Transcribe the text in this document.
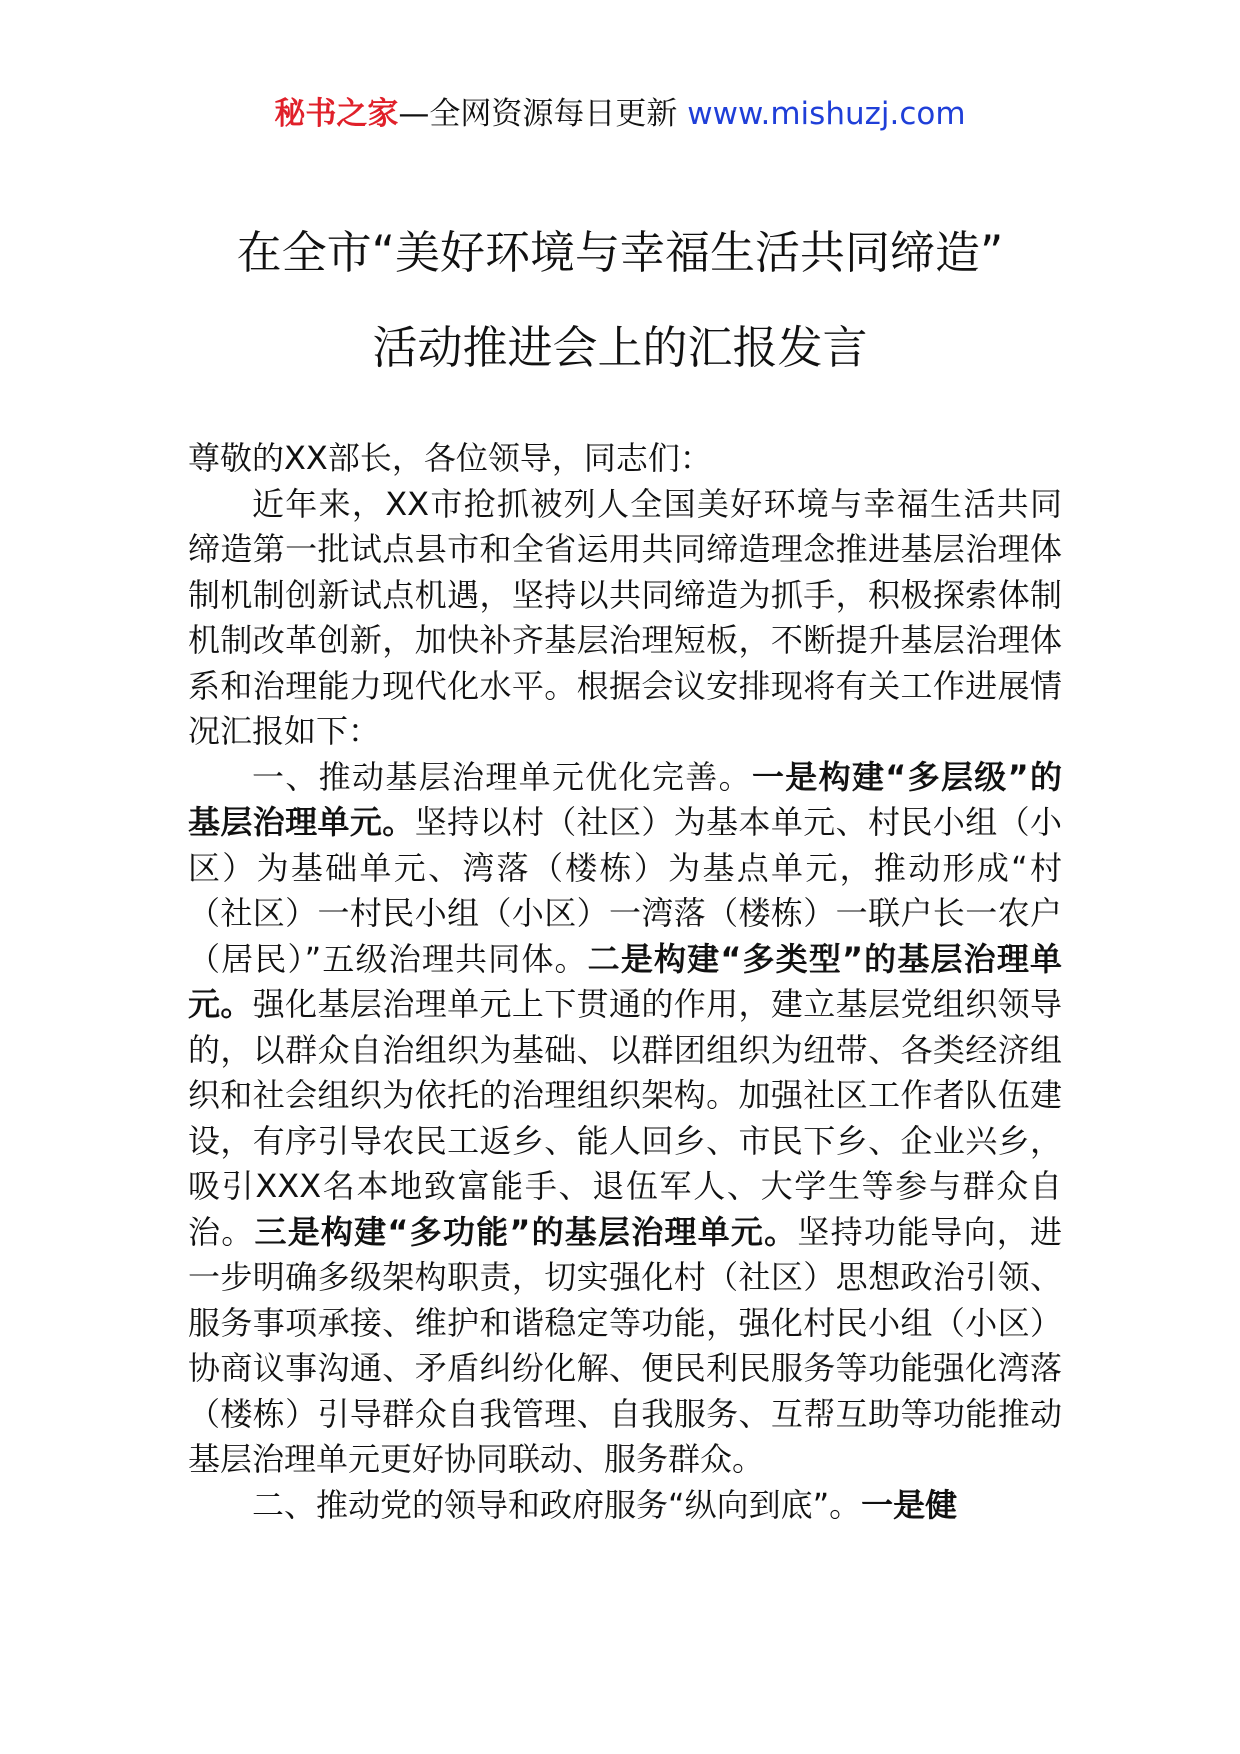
秘书之家—全网资源每日更新 www.mishuzj.com
在全市“美好环境与幸福生活共同缔造”
活动推进会上的汇报发言

尊敬的XX部长，各位领导，同志们：

近年来，XX市抢抓被列人全国美好环境与幸福生活共同缔造第一批试点县市和全省运用共同缔造理念推进基层治理体制机制创新试点机遇，坚持以共同缔造为抓手，积极探索体制机制改革创新，加快补齐基层治理短板，不断提升基层治理体系和治理能力现代化水平。根据会议安排现将有关工作进展情况汇报如下：

一、推动基层治理单元优化完善。一是构建“多层级”的基层治理单元。坚持以村（社区）为基本单元、村民小组（小区）为基础单元、湾落（楼栋）为基点单元，推动形成“村（社区）一村民小组（小区）一湾落（楼栋）一联户长一农户（居民）”五级治理共同体。二是构建“多类型”的基层治理单元。强化基层治理单元上下贯通的作用，建立基层党组织领导的，以群众自治组织为基础、以群团组织为纽带、各类经济组织和社会组织为依托的治理组织架构。加强社区工作者队伍建设，有序引导农民工返乡、能人回乡、市民下乡、企业兴乡，吸引XXX名本地致富能手、退伍军人、大学生等参与群众自治。三是构建“多功能”的基层治理单元。坚持功能导向，进一步明确多级架构职责，切实强化村（社区）思想政治引领、服务事项承接、维护和谐稳定等功能，强化村民小组（小区）协商议事沟通、矛盾纠纷化解、便民利民服务等功能强化湾落（楼栋）引导群众自我管理、自我服务、互帮互助等功能推动基层治理单元更好协同联动、服务群众。

二、推动党的领导和政府服务“纵向到底”。一是健
